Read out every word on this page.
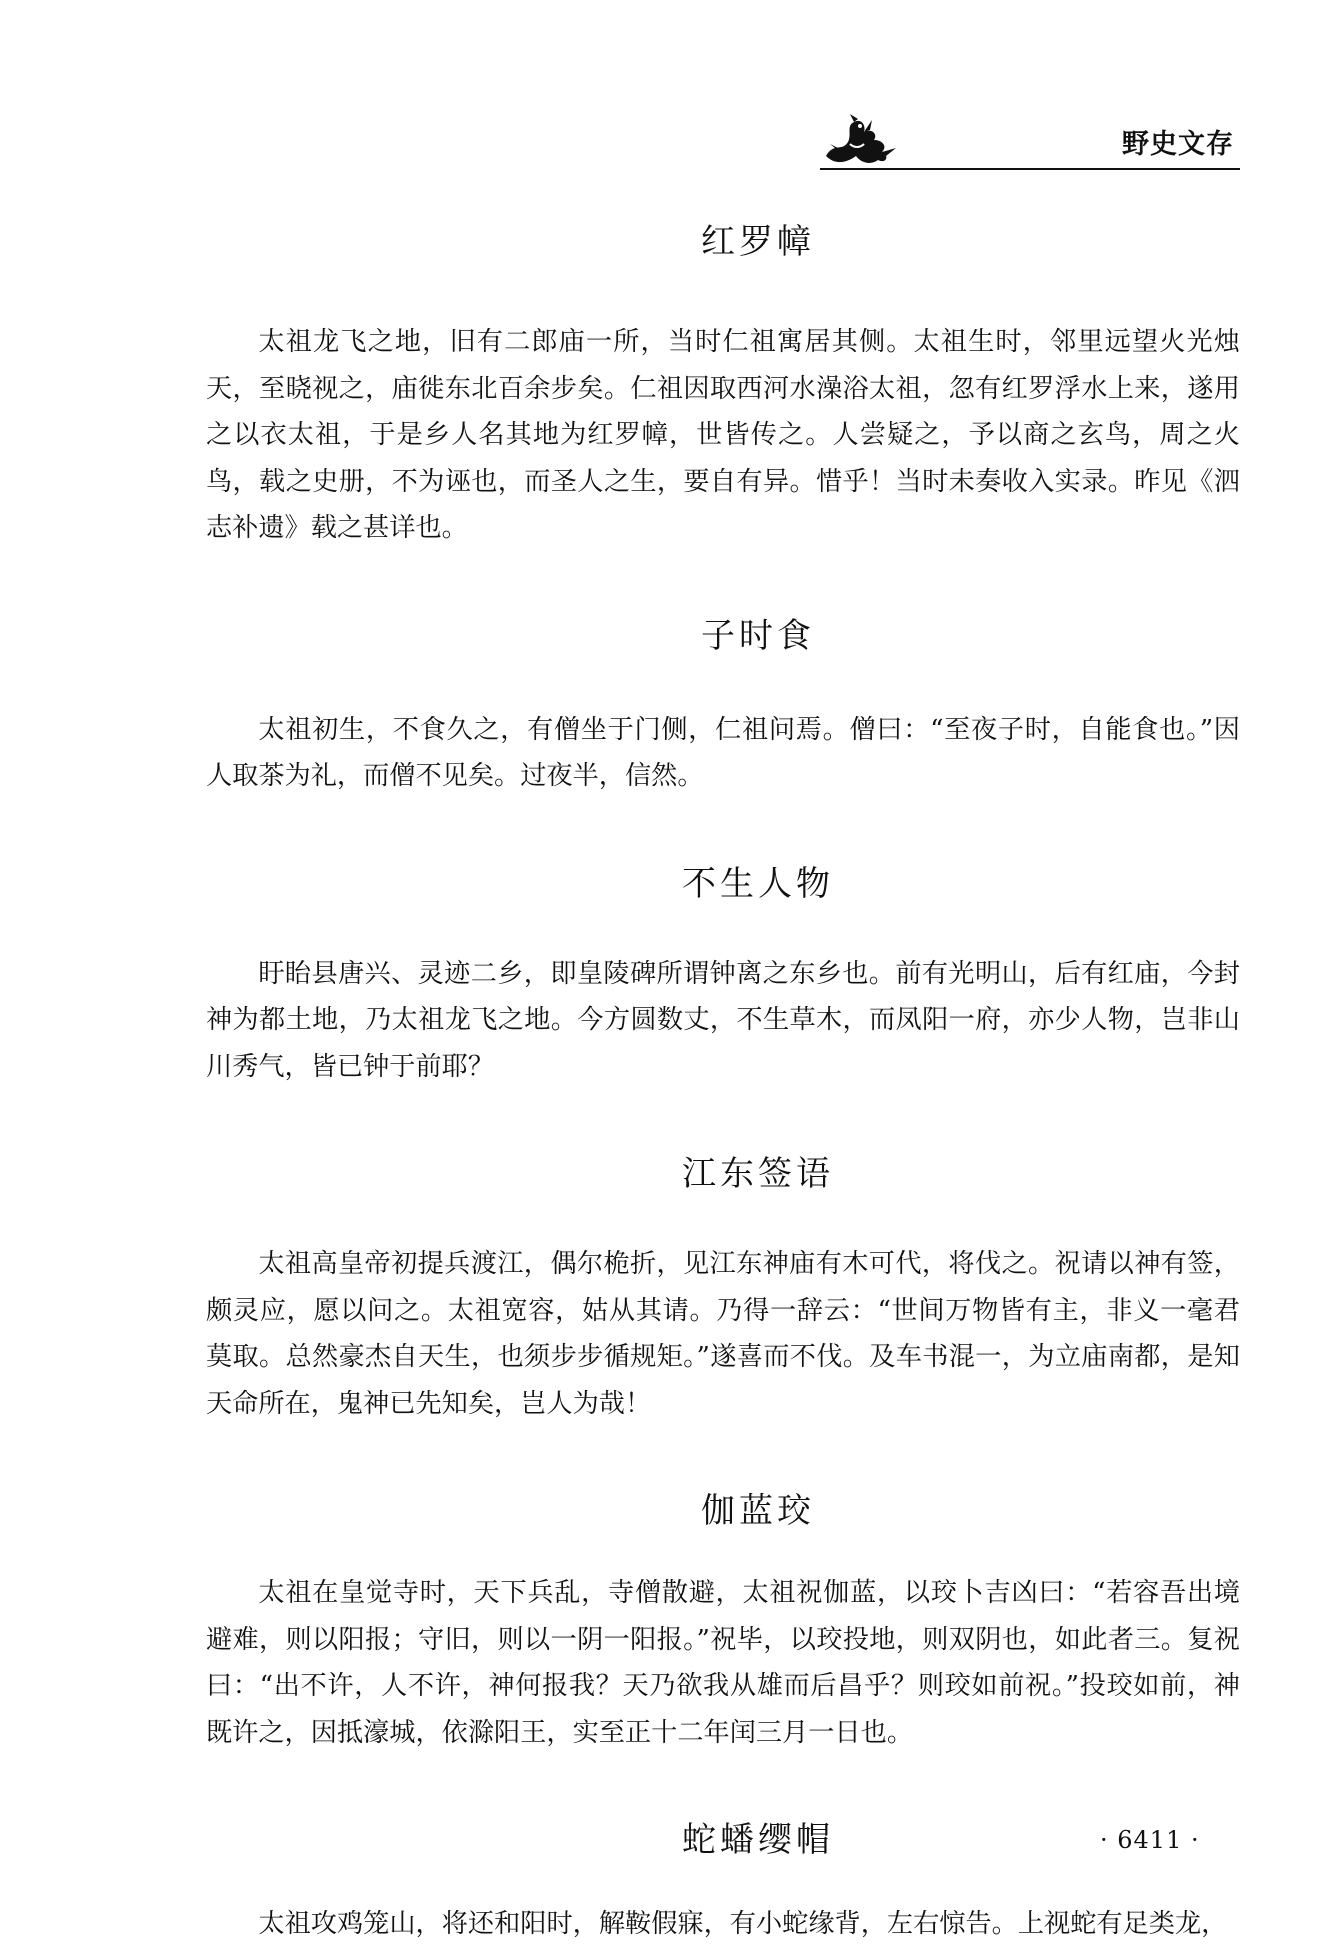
野史文存
红罗幛

太祖龙飞之地，旧有二郎庙一所，当时仁祖寓居其侧。太祖生时，邻里远望火光烛天，至晓视之，庙徙东北百余步矣。仁祖因取西河水澡浴太祖，忽有红罗浮水上来，遂用之以衣太祖，于是乡人名其地为红罗幛，世皆传之。人尝疑之，予以商之玄鸟，周之火鸟，载之史册，不为诬也，而圣人之生，要自有异。惜乎！当时未奏收入实录。昨见《泗志补遗》载之甚详也。

子时食

太祖初生，不食久之，有僧坐于门侧，仁祖问焉。僧曰：“至夜子时，自能食也。”因人取茶为礼，而僧不见矣。过夜半，信然。

不生人物

盱眙县唐兴、灵迹二乡，即皇陵碑所谓钟离之东乡也。前有光明山，后有红庙，今封神为都土地，乃太祖龙飞之地。今方圆数丈，不生草木，而凤阳一府，亦少人物，岂非山川秀气，皆已钟于前耶？

江东签语

太祖高皇帝初提兵渡江，偶尔桅折，见江东神庙有木可代，将伐之。祝请以神有签，颇灵应，愿以问之。太祖宽容，姑从其请。乃得一辞云：“世间万物皆有主，非义一毫君莫取。总然豪杰自天生，也须步步循规矩。”遂喜而不伐。及车书混一，为立庙南都，是知天命所在，鬼神已先知矣，岂人为哉！

伽蓝珓

太祖在皇觉寺时，天下兵乱，寺僧散避，太祖祝伽蓝，以珓卜吉凶曰：“若容吾出境避难，则以阳报；守旧，则以一阴一阳报。”祝毕，以珓投地，则双阴也，如此者三。复祝曰：“出不许，人不许，神何报我？天乃欲我从雄而后昌乎？则珓如前祝。”投珓如前，神既许之，因抵濠城，依滁阳王，实至正十二年闰三月一日也。

蛇蟠缨帽

太祖攻鸡笼山，将还和阳时，解鞍假寐，有小蛇缘背，左右惊告。上视蛇有足类龙，

· 6411 ·
